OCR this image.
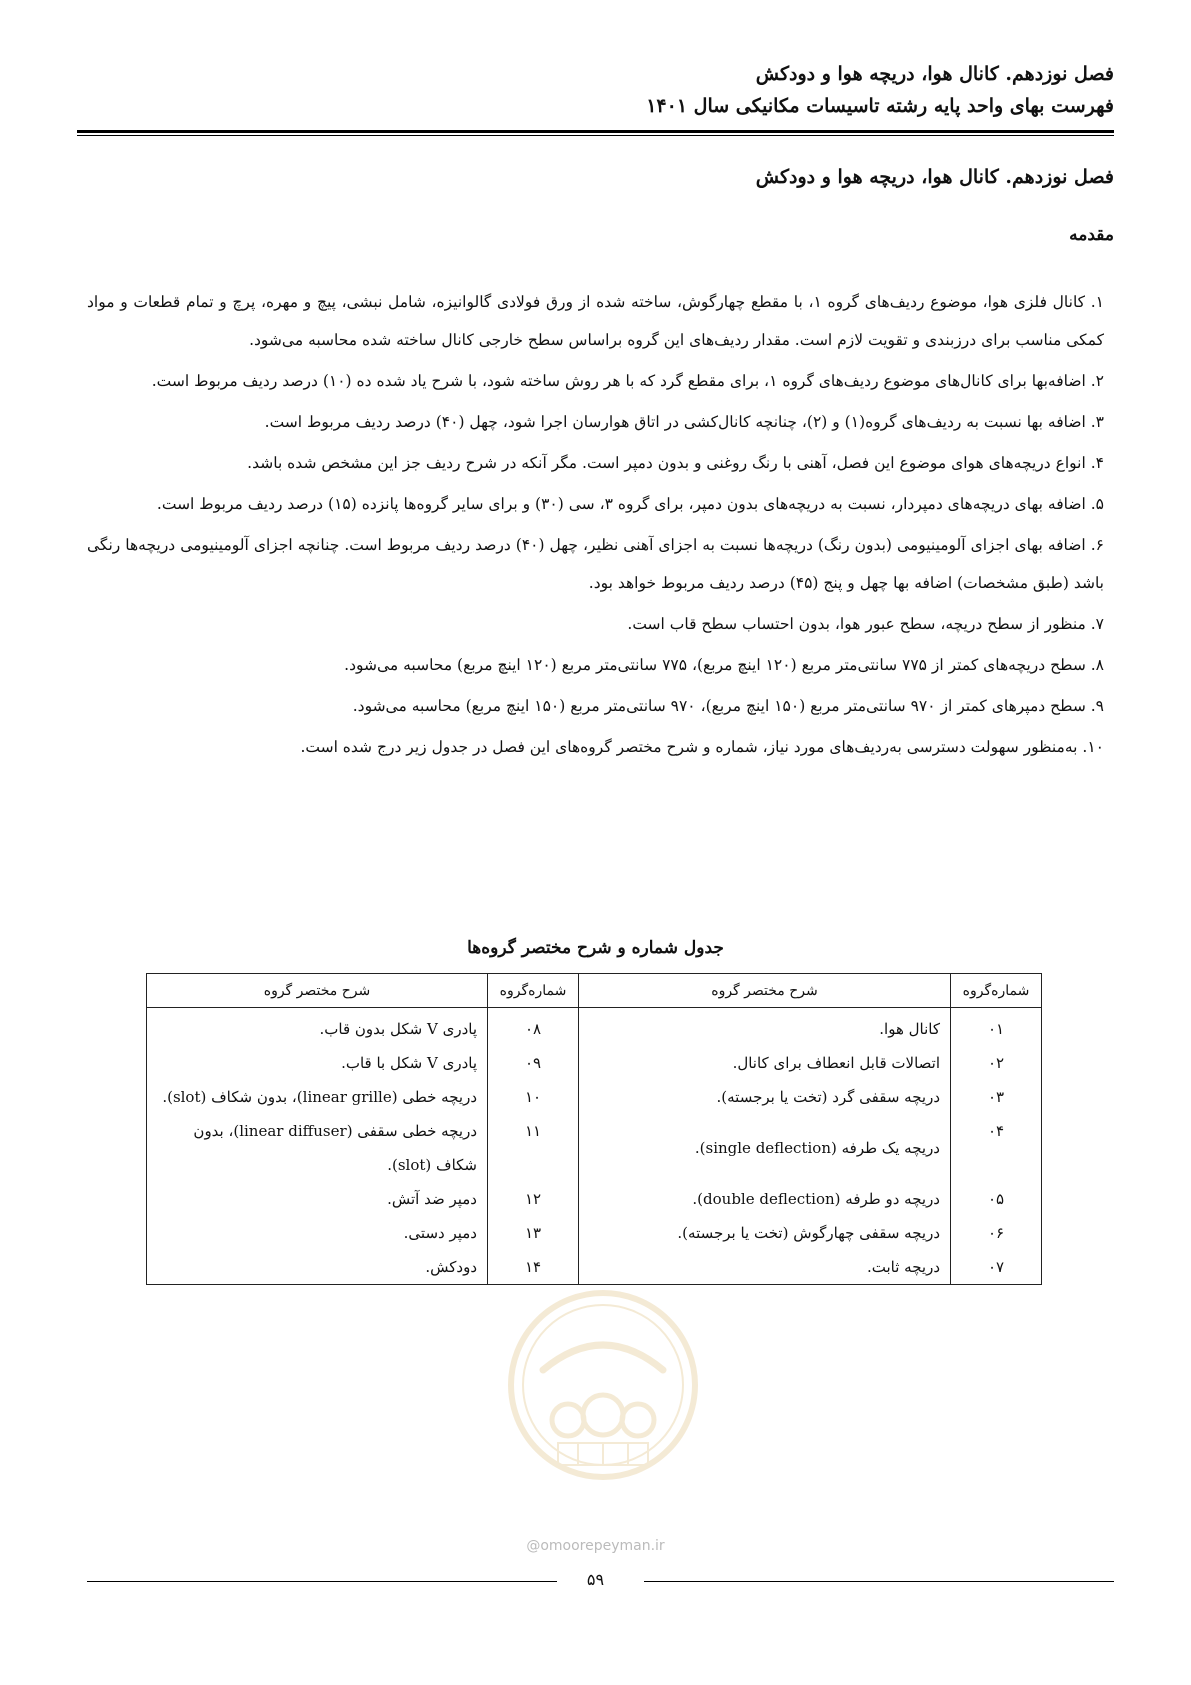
فصل نوزدهم. کانال هوا، دریچه هوا و دودکش
فهرست بهای واحد پایه رشته تاسیسات مکانیکی سال ۱۴۰۱
فصل نوزدهم. کانال هوا، دریچه هوا و دودکش
مقدمه

۱. کانال فلزی هوا، موضوع ردیف‌های گروه ۱، با مقطع چهارگوش، ساخته شده از ورق فولادی گالوانیزه، شامل نبشی، پیچ و مهره، پرچ و تمام قطعات و مواد کمکی مناسب برای درزبندی و تقویت لازم است. مقدار ردیف‌های این گروه براساس سطح خارجی کانال ساخته شده محاسبه می‌شود.

۲. اضافه‌بها برای کانال‌های موضوع ردیف‌های گروه ۱، برای مقطع گرد که با هر روش ساخته شود، با شرح یاد شده ده (۱۰) درصد ردیف مربوط است.

۳. اضافه بها نسبت به ردیف‌های گروه(۱) و (۲)، چنانچه کانال‌کشی در اتاق هوارسان اجرا شود، چهل (۴۰) درصد ردیف مربوط است.

۴. انواع دریچه‌های هوای موضوع این فصل، آهنی با رنگ روغنی و بدون دمپر است. مگر آنکه در شرح ردیف جز این مشخص شده باشد.

۵. اضافه بهای دریچه‌های دمپردار، نسبت به دریچه‌های بدون دمپر، برای گروه ۳، سی (۳۰) و برای سایر گروه‌ها پانزده (۱۵) درصد ردیف مربوط است.

۶. اضافه بهای اجزای آلومینیومی (بدون رنگ) دریچه‌ها نسبت به اجزای آهنی نظیر، چهل (۴۰) درصد ردیف مربوط است. چنانچه اجزای آلومینیومی دریچه‌ها رنگی باشد (طبق مشخصات) اضافه بها چهل و پنج (۴۵) درصد ردیف مربوط خواهد بود.

۷. منظور از سطح دریچه، سطح عبور هوا، بدون احتساب سطح قاب است.

۸. سطح دریچه‌های کمتر از ۷۷۵ سانتی‌متر مربع (۱۲۰ اینچ مربع)، ۷۷۵ سانتی‌متر مربع (۱۲۰ اینچ مربع) محاسبه می‌شود.

۹. سطح دمپرهای کمتر از ۹۷۰ سانتی‌متر مربع (۱۵۰ اینچ مربع)، ۹۷۰ سانتی‌متر مربع (۱۵۰ اینچ مربع) محاسبه می‌شود.

۱۰. به‌منظور سهولت دسترسی به‌ردیف‌های مورد نیاز، شماره و شرح مختصر گروه‌های این فصل در جدول زیر درج شده است.

جدول شماره و شرح مختصر گروه‌ها
شماره‌گروه	شرح مختصر گروه	شماره‌گروه	شرح مختصر گروه
۰۱	کانال هوا.	۰۸	پادری V شکل بدون قاب.
۰۲	اتصالات قابل انعطاف برای کانال.	۰۹	پادری V شکل با قاب.
۰۳	دریچه سقفی گرد (تخت یا برجسته).	۱۰	دریچه خطی (linear grille)، بدون شکاف (slot).
۰۴	دریچه یک طرفه (single deflection).	۱۱	دریچه خطی سقفی (linear diffuser)، بدون شکاف (slot).
۰۵	دریچه دو طرفه (double deflection).	۱۲	دمپر ضد آتش.
۰۶	دریچه سقفی چهارگوش (تخت یا برجسته).	۱۳	دمپر دستی.
۰۷	دریچه ثابت.	۱۴	دودکش.
@omoorepeyman.ir
۵۹
